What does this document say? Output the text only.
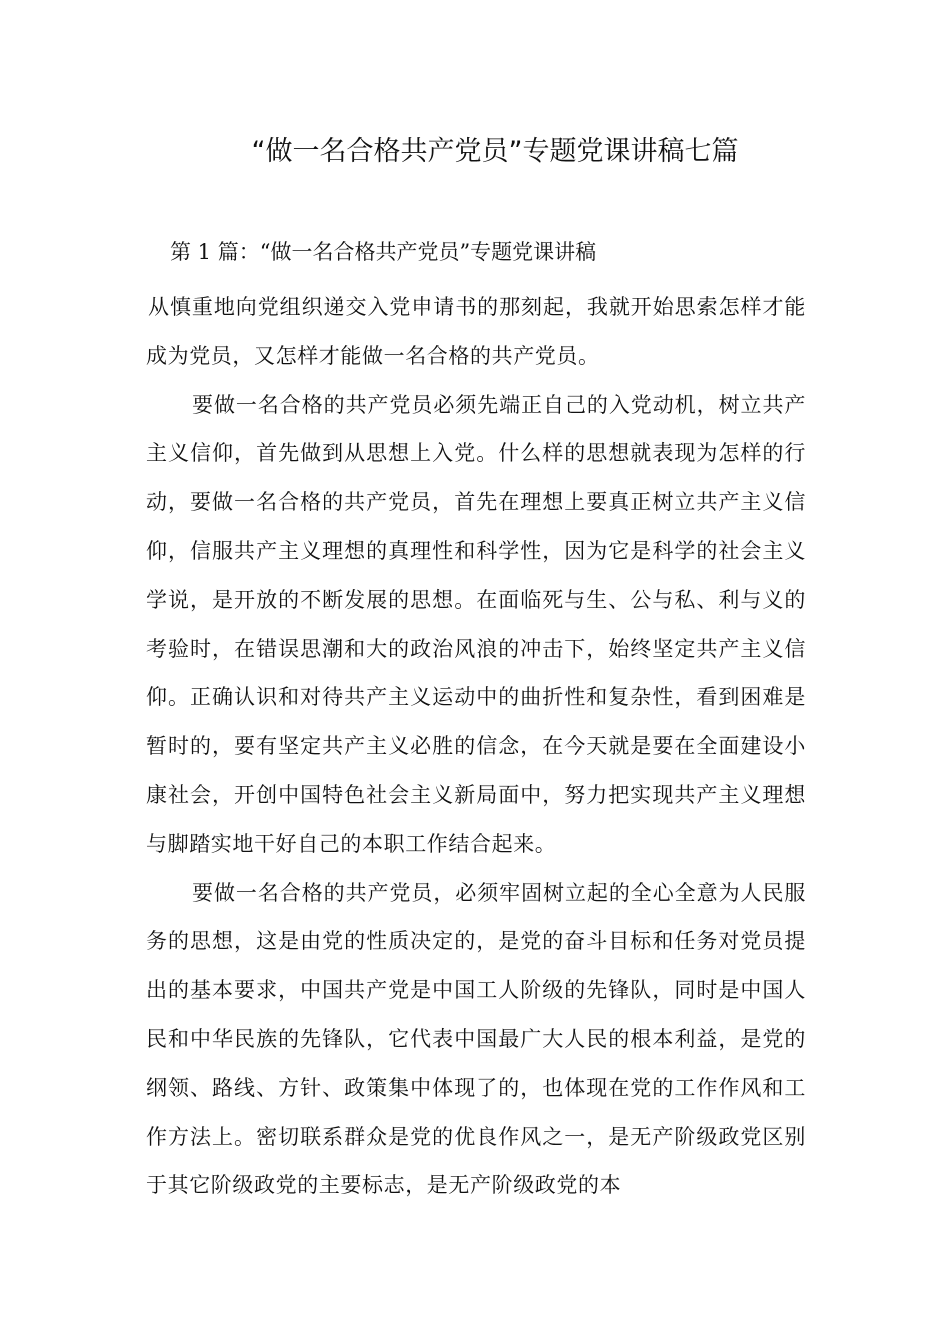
“做一名合格共产党员”专题党课讲稿七篇
第 1 篇：“做一名合格共产党员”专题党课讲稿

从慎重地向党组织递交入党申请书的那刻起，我就开始思索怎样才能成为党员，又怎样才能做一名合格的共产党员。

要做一名合格的共产党员必须先端正自己的入党动机，树立共产主义信仰，首先做到从思想上入党。什么样的思想就表现为怎样的行动，要做一名合格的共产党员，首先在理想上要真正树立共产主义信仰，信服共产主义理想的真理性和科学性，因为它是科学的社会主义学说，是开放的不断发展的思想。在面临死与生、公与私、利与义的考验时，在错误思潮和大的政治风浪的冲击下，始终坚定共产主义信仰。正确认识和对待共产主义运动中的曲折性和复杂性，看到困难是暂时的，要有坚定共产主义必胜的信念，在今天就是要在全面建设小康社会，开创中国特色社会主义新局面中，努力把实现共产主义理想与脚踏实地干好自己的本职工作结合起来。

要做一名合格的共产党员，必须牢固树立起的全心全意为人民服务的思想，这是由党的性质决定的，是党的奋斗目标和任务对党员提出的基本要求，中国共产党是中国工人阶级的先锋队，同时是中国人民和中华民族的先锋队，它代表中国最广大人民的根本利益，是党的纲领、路线、方针、政策集中体现了的，也体现在党的工作作风和工作方法上。密切联系群众是党的优良作风之一，是无产阶级政党区别于其它阶级政党的主要标志，是无产阶级政党的本
